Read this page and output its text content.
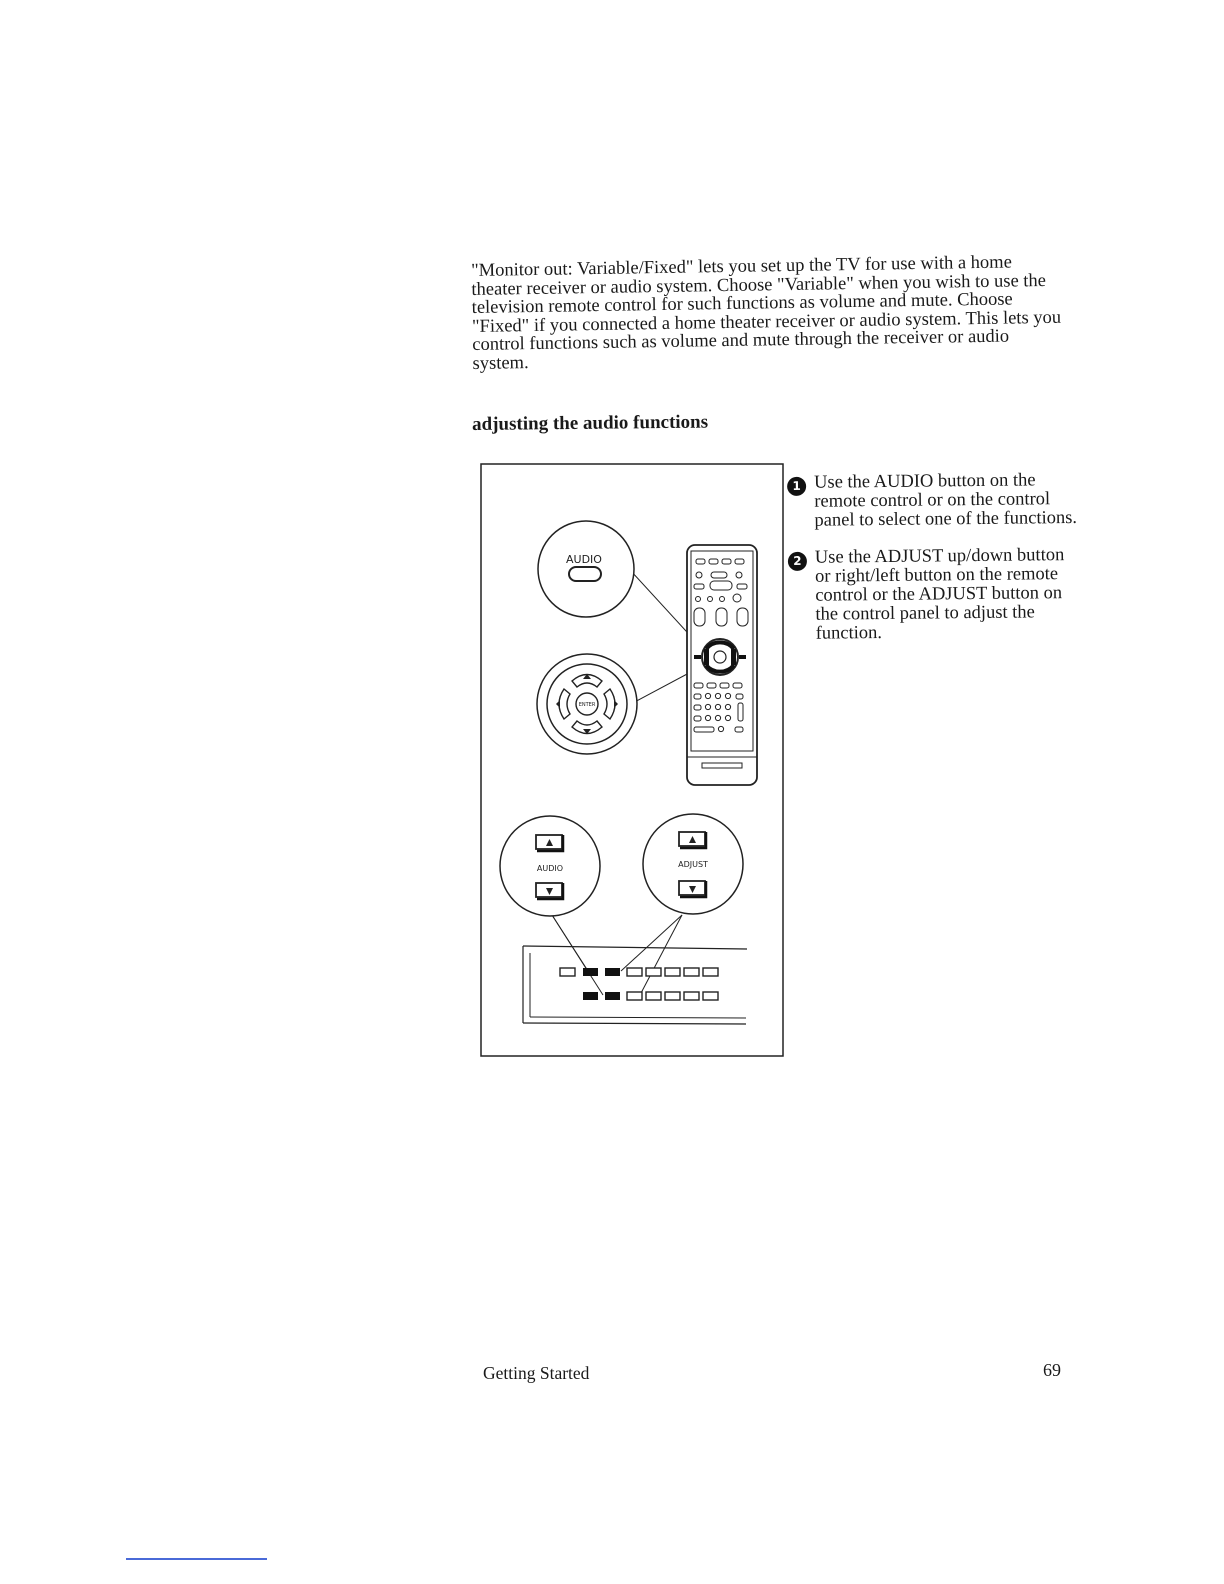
"Monitor out: Variable/Fixed" lets you set up the TV for use with a home theater receiver or audio system. Choose "Variable" when you wish to use the television remote control for such functions as volume and mute. Choose "Fixed" if you connected a home theater receiver or audio system. This lets you control functions such as volume and mute through the receiver or audio system.

adjusting the audio functions
AUDIO
ENTER
AUDIO	ADJUST
1 Use the AUDIO button on the remote control or on the control panel to select one of the functions.

2 Use the ADJUST up/down button or right/left button on the remote control or the ADJUST button on the control panel to adjust the function.

Getting Started	69
